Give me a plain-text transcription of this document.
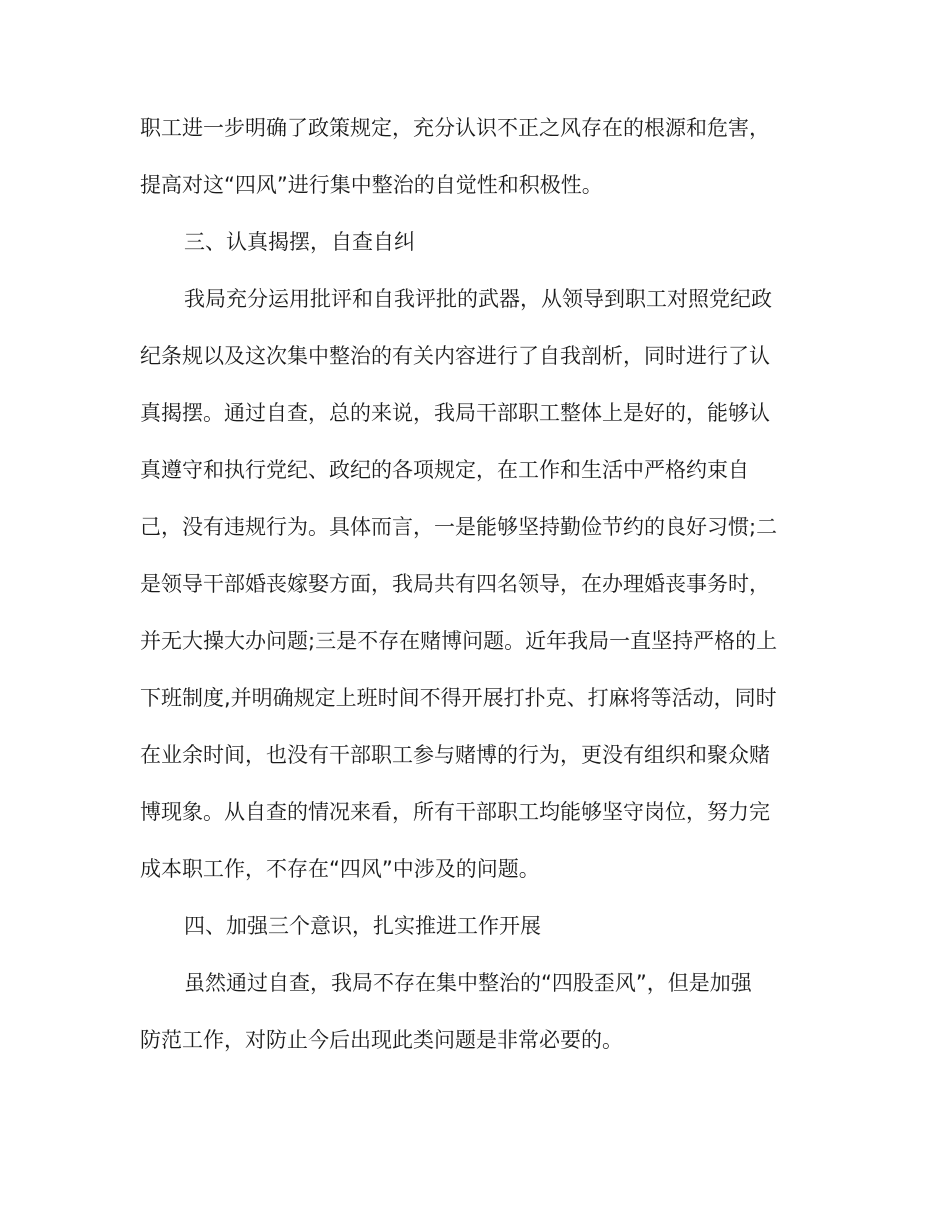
职工进一步明确了政策规定，充分认识不正之风存在的根源和危害，
提高对这“四风”进行集中整治的自觉性和积极性。
三、认真揭摆，自查自纠
我局充分运用批评和自我评批的武器，从领导到职工对照党纪政
纪条规以及这次集中整治的有关内容进行了自我剖析，同时进行了认
真揭摆。通过自查，总的来说，我局干部职工整体上是好的，能够认
真遵守和执行党纪、政纪的各项规定，在工作和生活中严格约束自
己，没有违规行为。具体而言，一是能够坚持勤俭节约的良好习惯;二
是领导干部婚丧嫁娶方面，我局共有四名领导，在办理婚丧事务时，
并无大操大办问题;三是不存在赌博问题。近年我局一直坚持严格的上
下班制度,并明确规定上班时间不得开展打扑克、打麻将等活动，同时
在业余时间，也没有干部职工参与赌博的行为，更没有组织和聚众赌
博现象。从自查的情况来看，所有干部职工均能够坚守岗位，努力完
成本职工作，不存在“四风”中涉及的问题。
四、加强三个意识，扎实推进工作开展
虽然通过自查，我局不存在集中整治的“四股歪风”，但是加强
防范工作，对防止今后出现此类问题是非常必要的。
